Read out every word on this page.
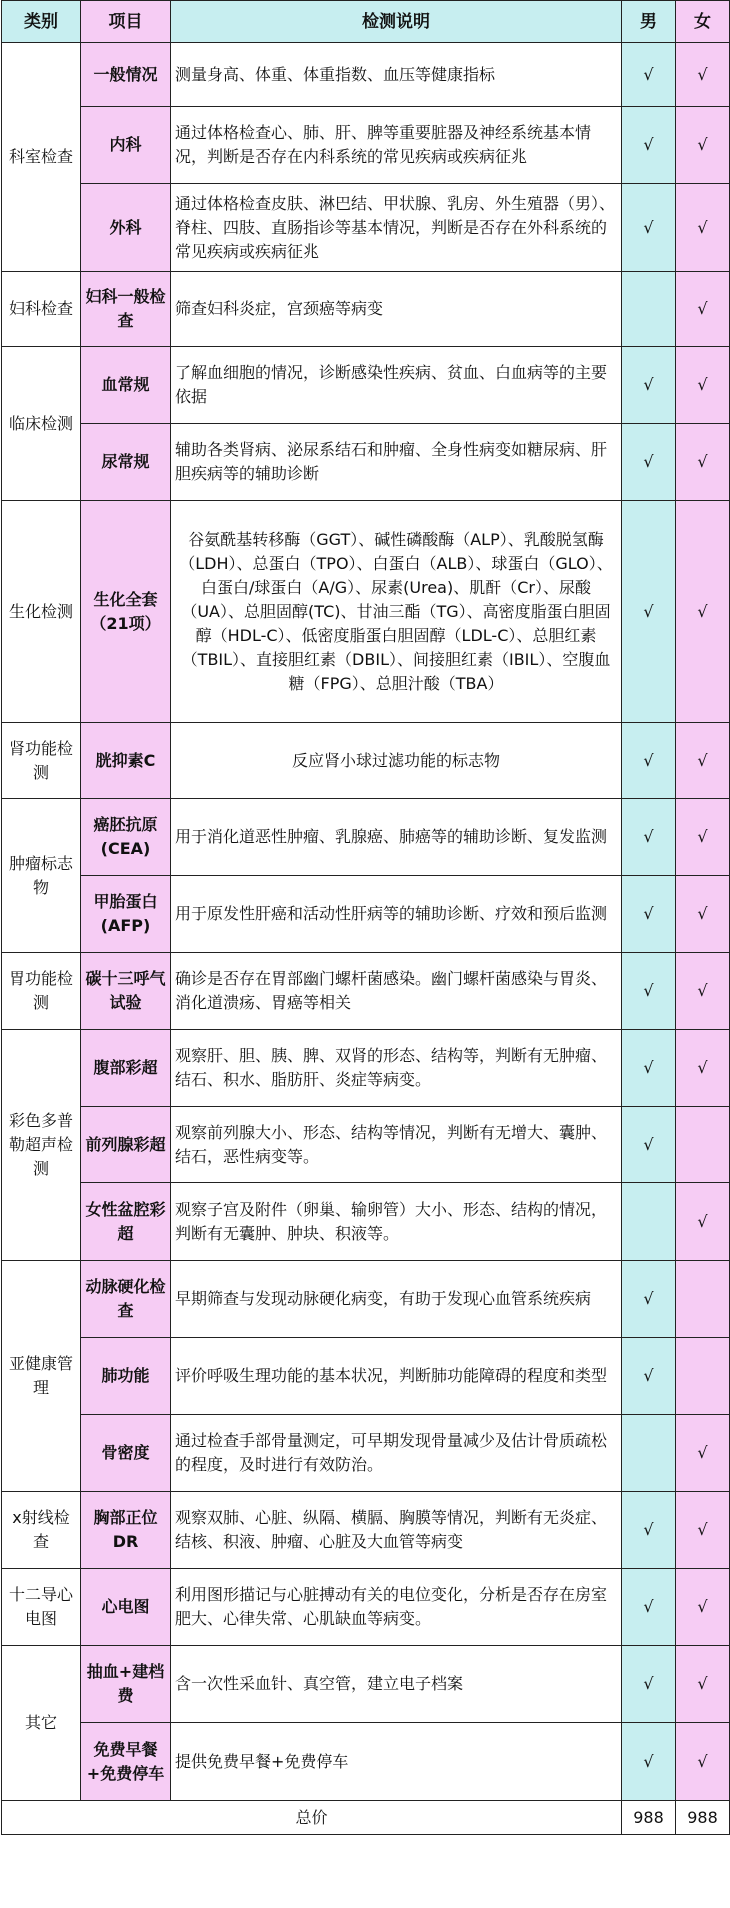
类别	项目	检测说明	男	女
科室检查	一般情况	测量身高、体重、体重指数、血压等健康指标	√	√
	内科	通过体格检查心、肺、肝、脾等重要脏器及神经系统基本情况，判断是否存在内科系统的常见疾病或疾病征兆	√	√
	外科	通过体格检查皮肤、淋巴结、甲状腺、乳房、外生殖器（男）、脊柱、四肢、直肠指诊等基本情况，判断是否存在外科系统的常见疾病或疾病征兆	√	√
妇科检查	妇科一般检查	筛查妇科炎症，宫颈癌等病变		√
临床检测	血常规	了解血细胞的情况，诊断感染性疾病、贫血、白血病等的主要依据	√	√
	尿常规	辅助各类肾病、泌尿系结石和肿瘤、全身性病变如糖尿病、肝胆疾病等的辅助诊断	√	√
生化检测	生化全套（21项）	谷氨酰基转移酶（GGT）、碱性磷酸酶（ALP）、乳酸脱氢酶（LDH）、总蛋白（TPO）、白蛋白（ALB）、球蛋白（GLO）、白蛋白/球蛋白（A/G）、尿素(Urea)、肌酐（Cr）、尿酸（UA）、总胆固醇(TC)、甘油三酯（TG）、高密度脂蛋白胆固醇（HDL-C）、低密度脂蛋白胆固醇（LDL-C）、总胆红素（TBIL）、直接胆红素（DBIL）、间接胆红素（IBIL）、空腹血糖（FPG）、总胆汁酸（TBA）	√	√
肾功能检测	胱抑素C	反应肾小球过滤功能的标志物	√	√
肿瘤标志物	癌胚抗原(CEA)	用于消化道恶性肿瘤、乳腺癌、肺癌等的辅助诊断、复发监测	√	√
	甲胎蛋白(AFP)	用于原发性肝癌和活动性肝病等的辅助诊断、疗效和预后监测	√	√
胃功能检测	碳十三呼气试验	确诊是否存在胃部幽门螺杆菌感染。幽门螺杆菌感染与胃炎、消化道溃疡、胃癌等相关	√	√
彩色多普勒超声检测	腹部彩超	观察肝、胆、胰、脾、双肾的形态、结构等，判断有无肿瘤、结石、积水、脂肪肝、炎症等病变。	√	√
	前列腺彩超	观察前列腺大小、形态、结构等情况，判断有无增大、囊肿、结石，恶性病变等。	√	
	女性盆腔彩超	观察子宫及附件（卵巢、输卵管）大小、形态、结构的情况，判断有无囊肿、肿块、积液等。		√
亚健康管理	动脉硬化检查	早期筛查与发现动脉硬化病变，有助于发现心血管系统疾病	√	
	肺功能	评价呼吸生理功能的基本状况，判断肺功能障碍的程度和类型	√	
	骨密度	通过检查手部骨量测定，可早期发现骨量减少及估计骨质疏松的程度，及时进行有效防治。		√
x射线检查	胸部正位DR	观察双肺、心脏、纵隔、横膈、胸膜等情况，判断有无炎症、结核、积液、肿瘤、心脏及大血管等病变	√	√
十二导心电图	心电图	利用图形描记与心脏搏动有关的电位变化，分析是否存在房室肥大、心律失常、心肌缺血等病变。	√	√
其它	抽血+建档费	含一次性采血针、真空管，建立电子档案	√	√
	免费早餐+免费停车	提供免费早餐+免费停车	√	√
总价			988	988
